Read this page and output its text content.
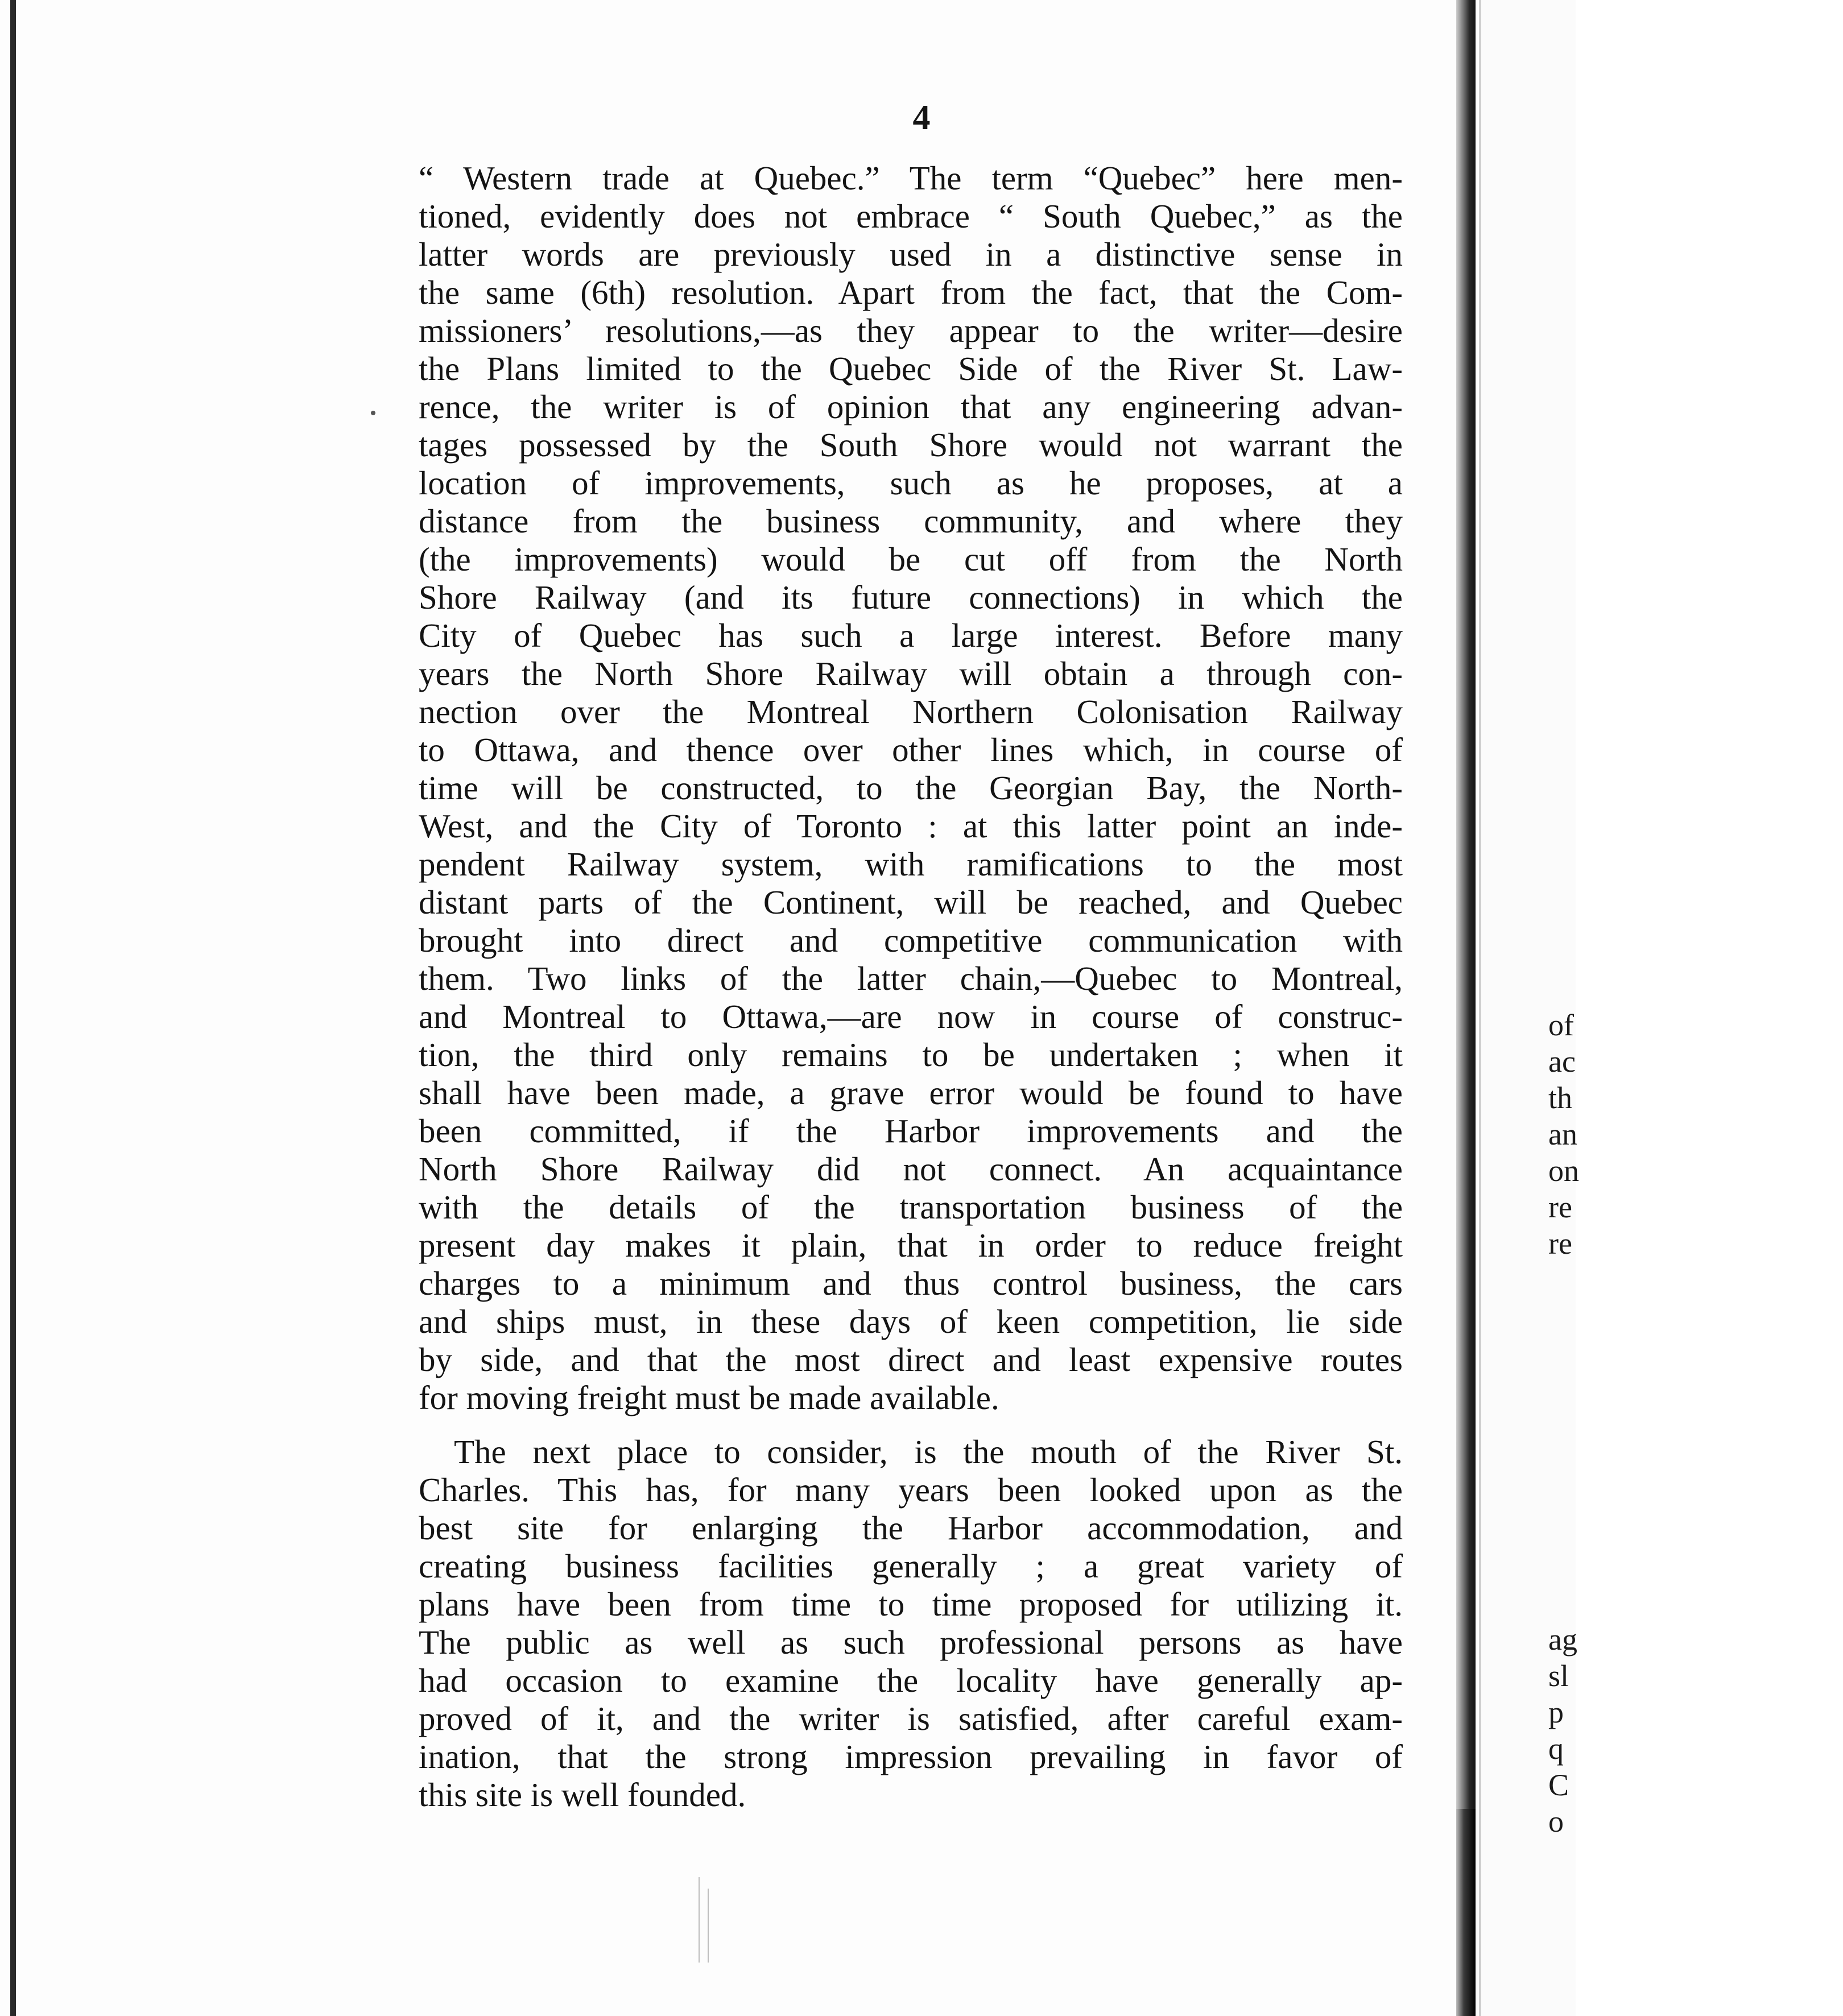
4
“ Western trade at Quebec.” The term “Quebec” here men-
tioned, evidently does not embrace “ South Quebec,” as the
latter words are previously used in a distinctive sense in
the same (6th) resolution. Apart from the fact, that the Com-
missioners’ resolutions,—as they appear to the writer—desire
the Plans limited to the Quebec Side of the River St. Law-
rence, the writer is of opinion that any engineering advan-
tages possessed by the South Shore would not warrant the
location of improvements, such as he proposes, at a
distance from the business community, and where they
(the improvements) would be cut off from the North
Shore Railway (and its future connections) in which the
City of Quebec has such a large interest. Before many
years the North Shore Railway will obtain a through con-
nection over the Montreal Northern Colonisation Railway
to Ottawa, and thence over other lines which, in course of
time will be constructed, to the Georgian Bay, the North-
West, and the City of Toronto : at this latter point an inde-
pendent Railway system, with ramifications to the most
distant parts of the Continent, will be reached, and Quebec
brought into direct and competitive communication with
them. Two links of the latter chain,—Quebec to Montreal,
and Montreal to Ottawa,—are now in course of construc-
tion, the third only remains to be undertaken ; when it
shall have been made, a grave error would be found to have
been committed, if the Harbor improvements and the
North Shore Railway did not connect. An acquaintance
with the details of the transportation business of the
present day makes it plain, that in order to reduce freight
charges to a minimum and thus control business, the cars
and ships must, in these days of keen competition, lie side
by side, and that the most direct and least expensive routes
for moving freight must be made available.
The next place to consider, is the mouth of the River St.
Charles. This has, for many years been looked upon as the
best site for enlarging the Harbor accommodation, and
creating business facilities generally ; a great variety of
plans have been from time to time proposed for utilizing it.
The public as well as such professional persons as have
had occasion to examine the locality have generally ap-
proved of it, and the writer is satisfied, after careful exam-
ination, that the strong impression prevailing in favor of
this site is well founded.
of
ac
th
an
on
re
re
ag
sl
p
q
C
o
